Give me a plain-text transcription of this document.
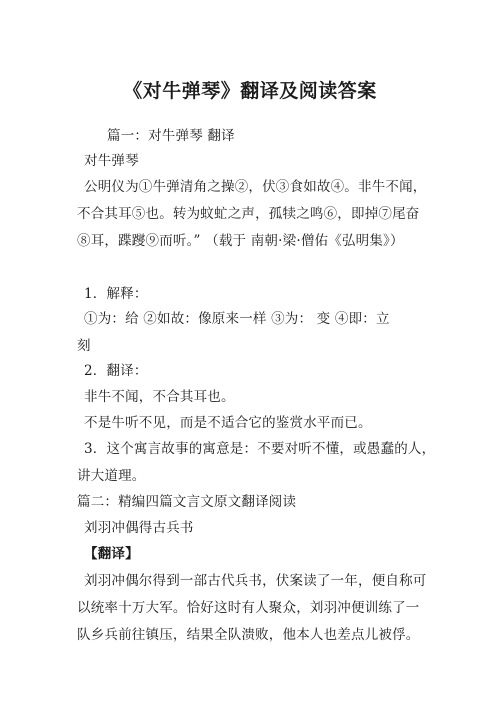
《对牛弹琴》翻译及阅读答案
篇一：对牛弹琴 翻译
对牛弹琴
公明仪为①牛弹清角之操②，伏③食如故④。非牛不闻，
不合其耳⑤也。转为蚊虻之声，孤犊之鸣⑥，即掉⑦尾奋
⑧耳，蹀躞⑨而听。” （载于 南朝·梁·僧佑《弘明集》）
1．解释：
①为：给 ②如故：像原来一样 ③为： 变 ④即：立
刻
2．翻译：
非牛不闻，不合其耳也。
不是牛听不见，而是不适合它的鉴赏水平而已。
3．这个寓言故事的寓意是：不要对听不懂，或愚蠢的人，
讲大道理。
篇二：精编四篇文言文原文翻译阅读
刘羽冲偶得古兵书
【翻译】
刘羽冲偶尔得到一部古代兵书，伏案读了一年，便自称可
以统率十万大军。恰好这时有人聚众，刘羽冲便训练了一
队乡兵前往镇压，结果全队溃败，他本人也差点儿被俘。
